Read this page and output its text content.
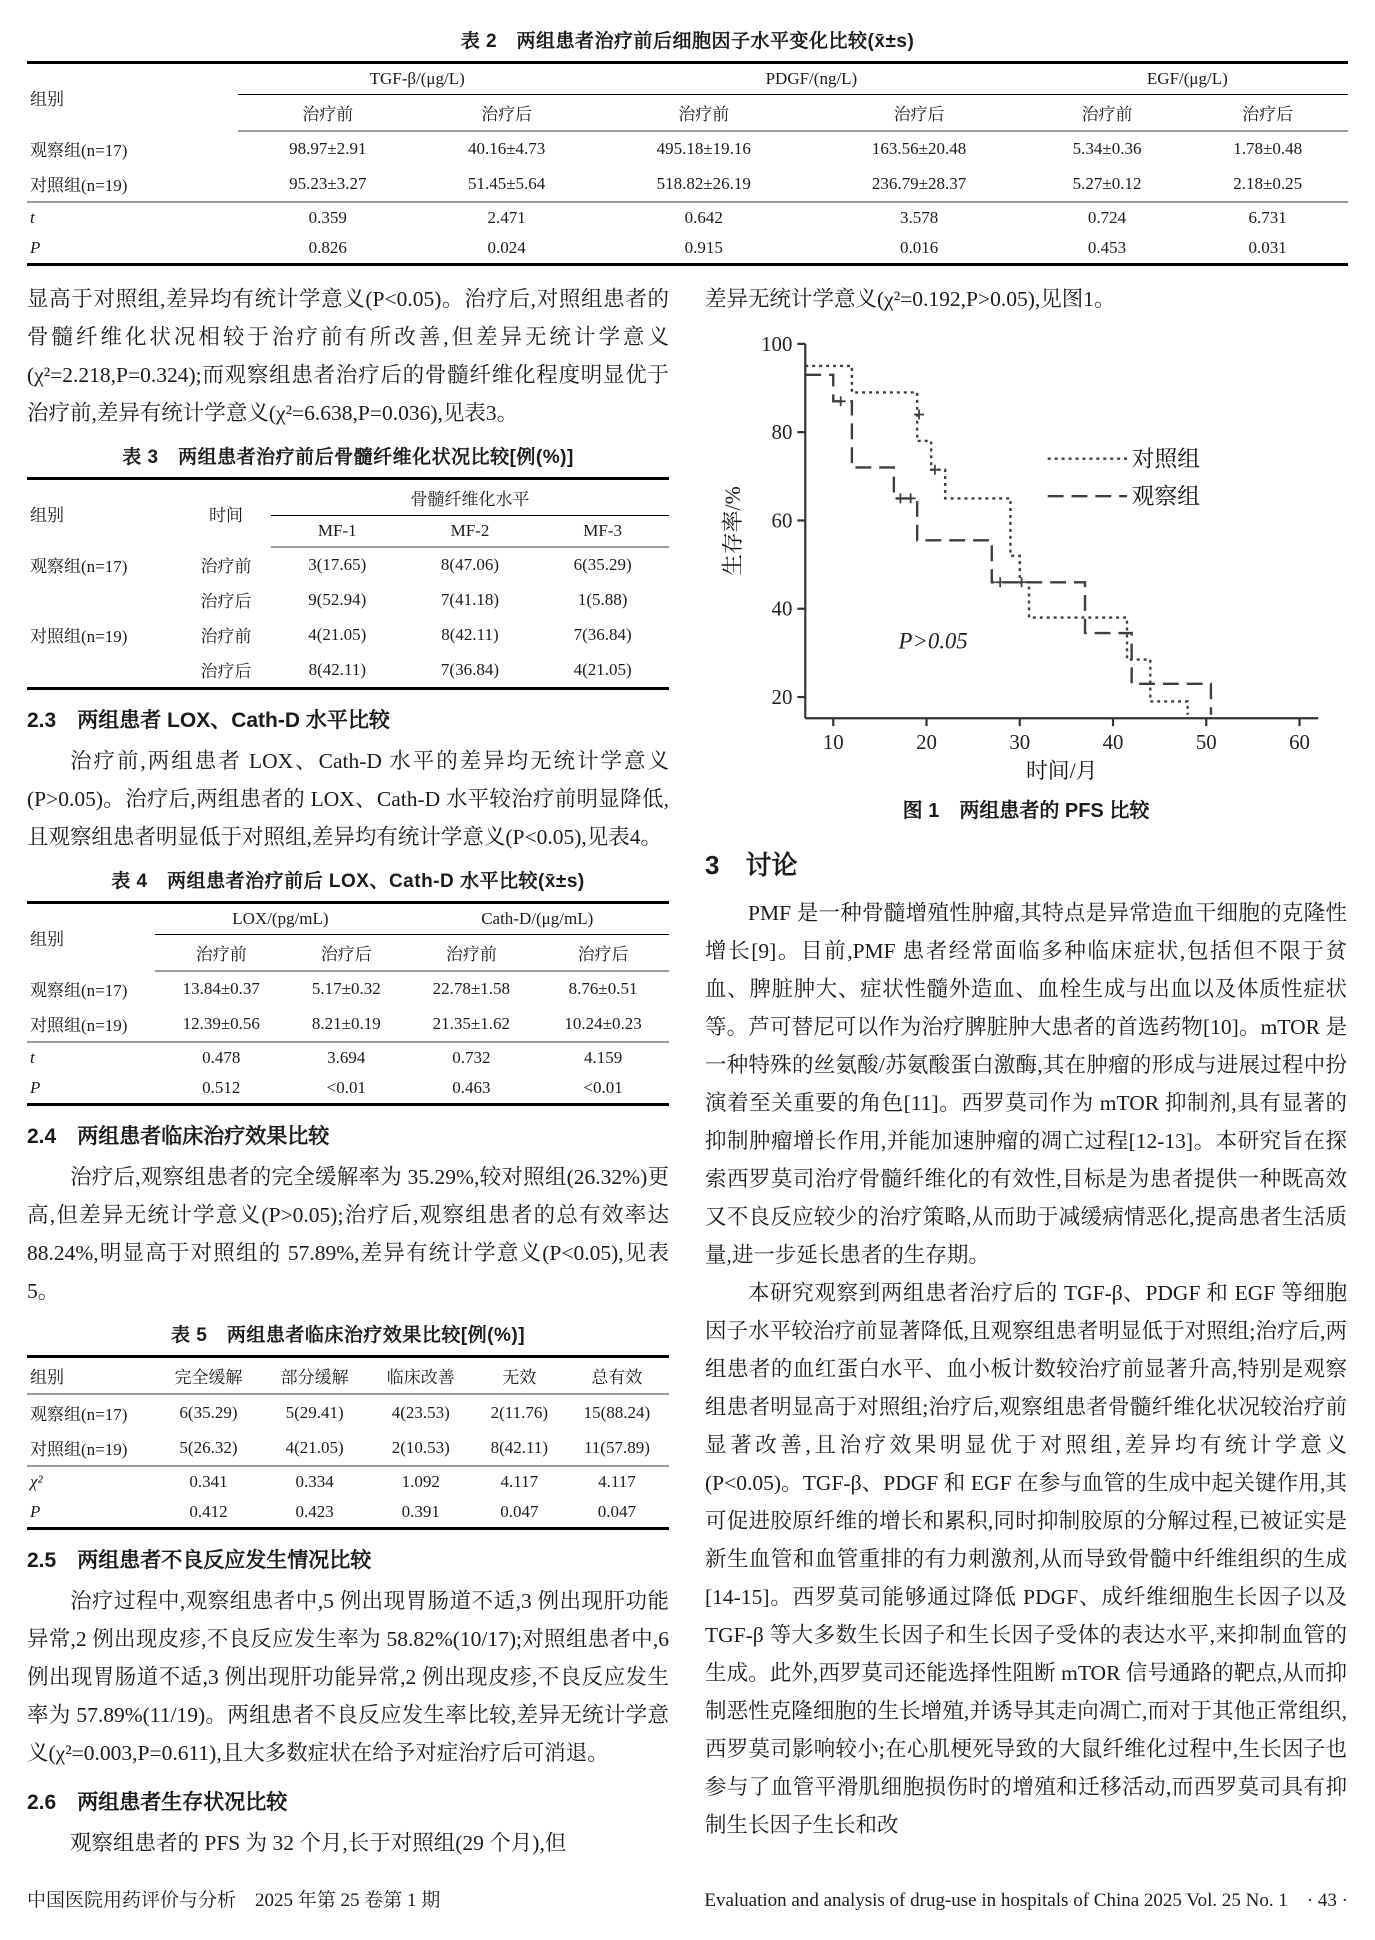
表 2　两组患者治疗前后细胞因子水平变化比较(x̄±s)
组别	TGF-β/(μg/L)		PDGF/(ng/L)		EGF/(μg/L)	
	治疗前	治疗后	治疗前	治疗后	治疗前	治疗后
观察组(n=17)	98.97±2.91	40.16±4.73	495.18±19.16	163.56±20.48	5.34±0.36	1.78±0.48
对照组(n=19)	95.23±3.27	51.45±5.64	518.82±26.19	236.79±28.37	5.27±0.12	2.18±0.25
t	0.359	2.471	0.642	3.578	0.724	6.731
P	0.826	0.024	0.915	0.016	0.453	0.031

显高于对照组,差异均有统计学意义(P<0.05)。治疗后,对照组患者的骨髓纤维化状况相较于治疗前有所改善,但差异无统计学意义(χ²=2.218,P=0.324);而观察组患者治疗后的骨髓纤维化程度明显优于治疗前,差异有统计学意义(χ²=6.638,P=0.036),见表3。

表 3　两组患者治疗前后骨髓纤维化状况比较[例(%)]
组别	时间	骨髓纤维化水平		
		MF-1	MF-2	MF-3
观察组(n=17)	治疗前	3(17.65)	8(47.06)	6(35.29)
	治疗后	9(52.94)	7(41.18)	1(5.88)
对照组(n=19)	治疗前	4(21.05)	8(42.11)	7(36.84)
	治疗后	8(42.11)	7(36.84)	4(21.05)
2.3　两组患者 LOX、Cath-D 水平比较

治疗前,两组患者 LOX、Cath-D 水平的差异均无统计学意义(P>0.05)。治疗后,两组患者的 LOX、Cath-D 水平较治疗前明显降低,且观察组患者明显低于对照组,差异均有统计学意义(P<0.05),见表4。

表 4　两组患者治疗前后 LOX、Cath-D 水平比较(x̄±s)
组别	LOX/(pg/mL)		Cath-D/(μg/mL)	
	治疗前	治疗后	治疗前	治疗后
观察组(n=17)	13.84±0.37	5.17±0.32	22.78±1.58	8.76±0.51
对照组(n=19)	12.39±0.56	8.21±0.19	21.35±1.62	10.24±0.23
t	0.478	3.694	0.732	4.159
P	0.512	<0.01	0.463	<0.01
2.4　两组患者临床治疗效果比较

治疗后,观察组患者的完全缓解率为 35.29%,较对照组(26.32%)更高,但差异无统计学意义(P>0.05);治疗后,观察组患者的总有效率达 88.24%,明显高于对照组的 57.89%,差异有统计学意义(P<0.05),见表5。

表 5　两组患者临床治疗效果比较[例(%)]
组别	完全缓解	部分缓解	临床改善	无效	总有效
观察组(n=17)	6(35.29)	5(29.41)	4(23.53)	2(11.76)	15(88.24)
对照组(n=19)	5(26.32)	4(21.05)	2(10.53)	8(42.11)	11(57.89)
χ²	0.341	0.334	1.092	4.117	4.117
P	0.412	0.423	0.391	0.047	0.047
2.5　两组患者不良反应发生情况比较

治疗过程中,观察组患者中,5 例出现胃肠道不适,3 例出现肝功能异常,2 例出现皮疹,不良反应发生率为 58.82%(10/17);对照组患者中,6 例出现胃肠道不适,3 例出现肝功能异常,2 例出现皮疹,不良反应发生率为 57.89%(11/19)。两组患者不良反应发生率比较,差异无统计学意义(χ²=0.003,P=0.611),且大多数症状在给予对症治疗后可消退。

2.6　两组患者生存状况比较

观察组患者的 PFS 为 32 个月,长于对照组(29 个月),但

差异无统计学意义(χ²=0.192,P>0.05),见图1。

20
40
60
80
100
10	20	30	40	50	60
生存率/%
时间/月
对照组
观察组
P>0.05
图 1　两组患者的 PFS 比较
3　讨论

PMF 是一种骨髓增殖性肿瘤,其特点是异常造血干细胞的克隆性增长[9]。目前,PMF 患者经常面临多种临床症状,包括但不限于贫血、脾脏肿大、症状性髓外造血、血栓生成与出血以及体质性症状等。芦可替尼可以作为治疗脾脏肿大患者的首选药物[10]。mTOR 是一种特殊的丝氨酸/苏氨酸蛋白激酶,其在肿瘤的形成与进展过程中扮演着至关重要的角色[11]。西罗莫司作为 mTOR 抑制剂,具有显著的抑制肿瘤增长作用,并能加速肿瘤的凋亡过程[12-13]。本研究旨在探索西罗莫司治疗骨髓纤维化的有效性,目标是为患者提供一种既高效又不良反应较少的治疗策略,从而助于减缓病情恶化,提高患者生活质量,进一步延长患者的生存期。

本研究观察到两组患者治疗后的 TGF-β、PDGF 和 EGF 等细胞因子水平较治疗前显著降低,且观察组患者明显低于对照组;治疗后,两组患者的血红蛋白水平、血小板计数较治疗前显著升高,特别是观察组患者明显高于对照组;治疗后,观察组患者骨髓纤维化状况较治疗前显著改善,且治疗效果明显优于对照组,差异均有统计学意义(P<0.05)。TGF-β、PDGF 和 EGF 在参与血管的生成中起关键作用,其可促进胶原纤维的增长和累积,同时抑制胶原的分解过程,已被证实是新生血管和血管重排的有力刺激剂,从而导致骨髓中纤维组织的生成[14-15]。西罗莫司能够通过降低 PDGF、成纤维细胞生长因子以及 TGF-β 等大多数生长因子和生长因子受体的表达水平,来抑制血管的生成。此外,西罗莫司还能选择性阻断 mTOR 信号通路的靶点,从而抑制恶性克隆细胞的生长增殖,并诱导其走向凋亡,而对于其他正常组织,西罗莫司影响较小;在心肌梗死导致的大鼠纤维化过程中,生长因子也参与了血管平滑肌细胞损伤时的增殖和迁移活动,而西罗莫司具有抑制生长因子生长和改

中国医院用药评价与分析　2025 年第 25 卷第 1 期	Evaluation and analysis of drug-use in hospitals of China 2025 Vol. 25 No. 1　· 43 ·
